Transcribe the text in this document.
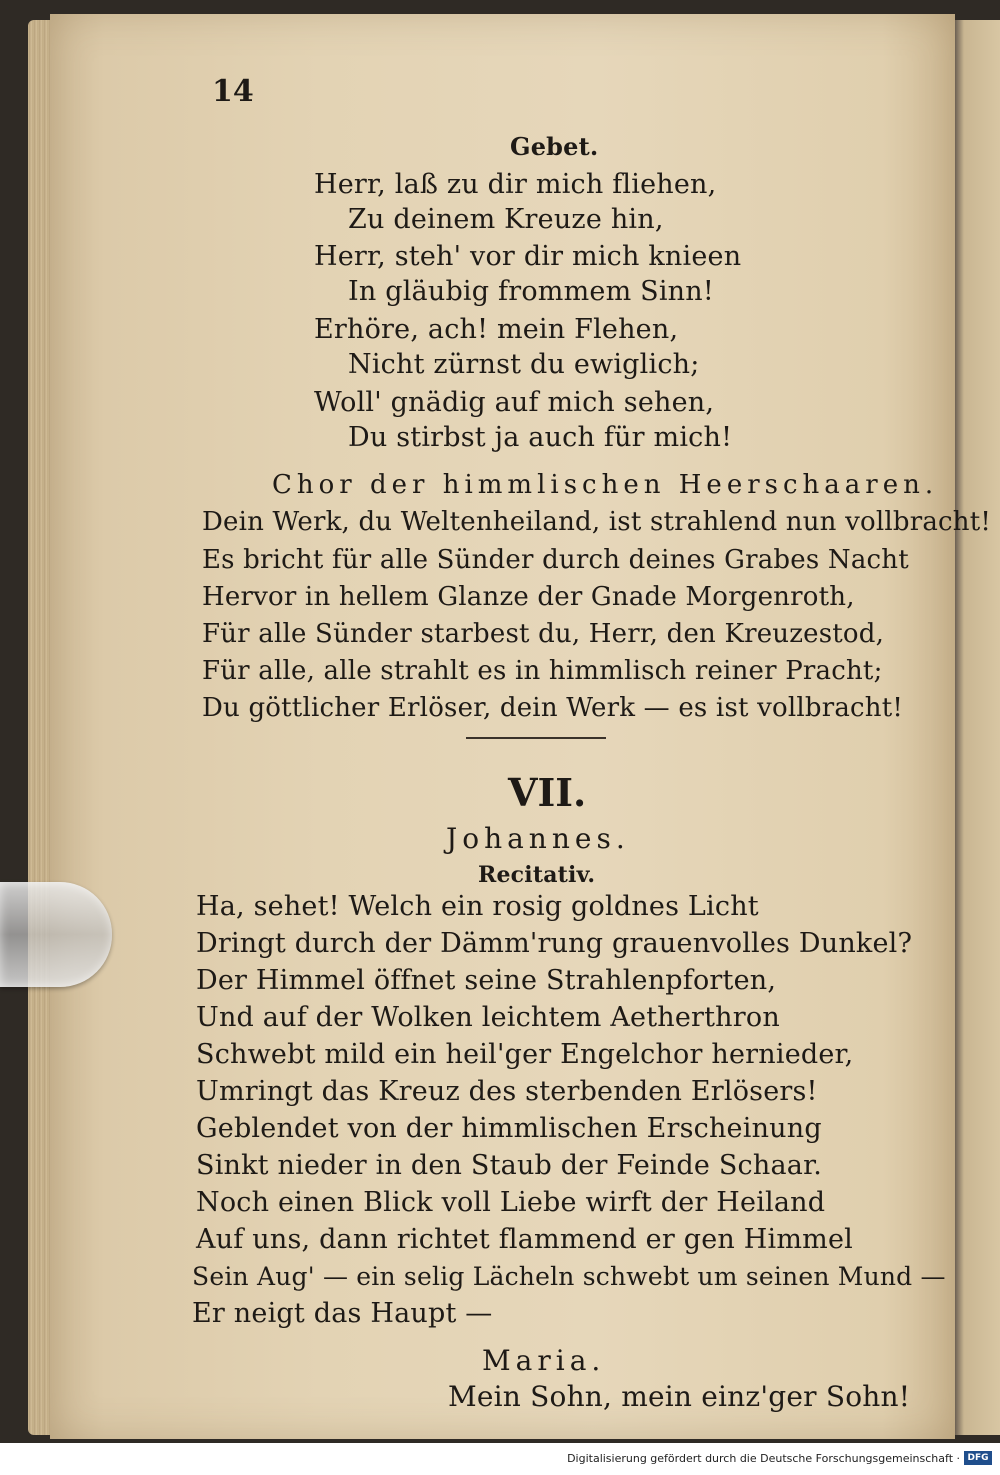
14
Gebet.
Herr, laß zu dir mich fliehen,
Zu deinem Kreuze hin,
Herr, steh' vor dir mich knieen
In gläubig frommem Sinn!
Erhöre, ach! mein Flehen,
Nicht zürnst du ewiglich;
Woll' gnädig auf mich sehen,
Du stirbst ja auch für mich!
Chor der himmlischen Heerschaaren.
Dein Werk, du Weltenheiland, ist strahlend nun vollbracht!
Es bricht für alle Sünder durch deines Grabes Nacht
Hervor in hellem Glanze der Gnade Morgenroth,
Für alle Sünder starbest du, Herr, den Kreuzestod,
Für alle, alle strahlt es in himmlisch reiner Pracht;
Du göttlicher Erlöser, dein Werk — es ist vollbracht!
VII.
Johannes.
Recitativ.
Ha, sehet! Welch ein rosig goldnes Licht
Dringt durch der Dämm'rung grauenvolles Dunkel?
Der Himmel öffnet seine Strahlenpforten,
Und auf der Wolken leichtem Aetherthron
Schwebt mild ein heil'ger Engelchor hernieder,
Umringt das Kreuz des sterbenden Erlösers!
Geblendet von der himmlischen Erscheinung
Sinkt nieder in den Staub der Feinde Schaar.
Noch einen Blick voll Liebe wirft der Heiland
Auf uns, dann richtet flammend er gen Himmel
Sein Aug' — ein selig Lächeln schwebt um seinen Mund —
Er neigt das Haupt —
Maria.
Mein Sohn, mein einz'ger Sohn!
Digitalisierung gefördert durch die Deutsche Forschungsgemeinschaft · DFG
